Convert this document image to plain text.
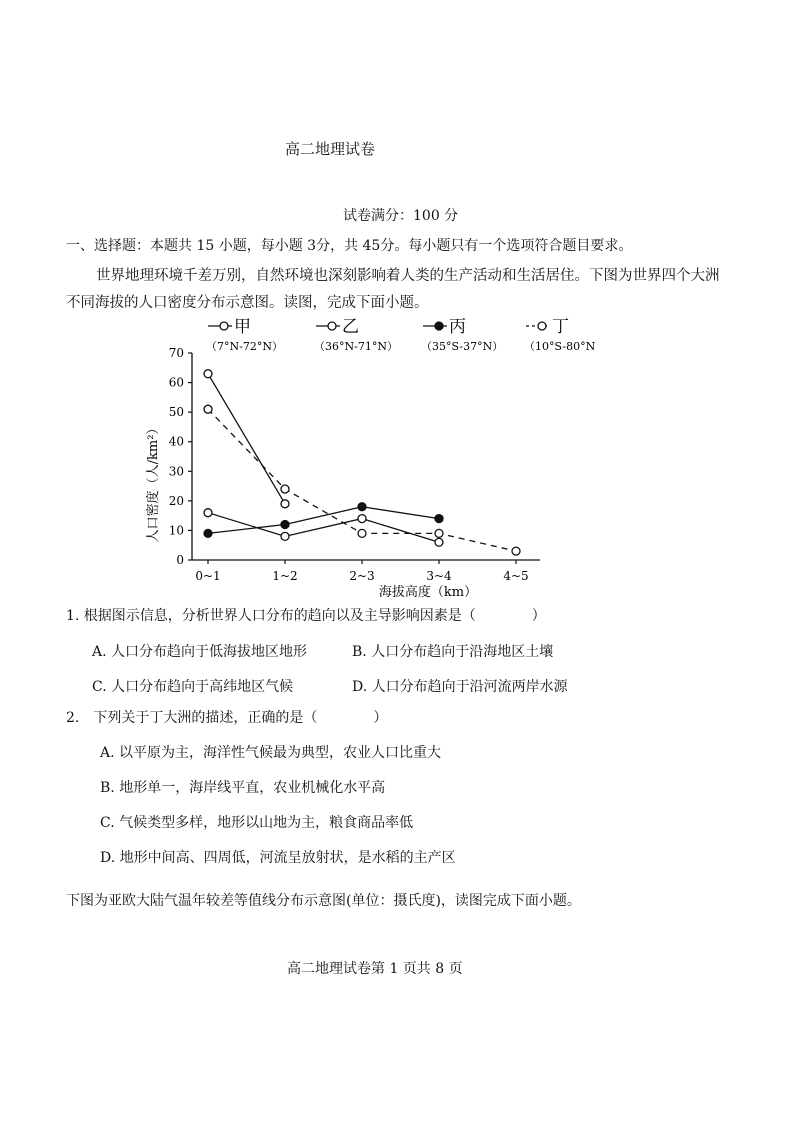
高二地理试卷
试卷满分：100 分
一、选择题：本题共 15 小题，每小题 3分，共 45分。每小题只有一个选项符合题目要求。
世界地理环境千差万别，自然环境也深刻影响着人类的生产活动和生活居住。下图为世界四个大洲不同海拔的人口密度分布示意图。读图，完成下面小题。
甲
（7°N-72°N）
乙
（36°N-71°N）
丙
（35°S-37°N）
丁
（10°S-80°N
0
10
20
30
40
50
60
70
0~1	1~2	2~3	3~4	4~5
人口密度（人/km²）
海拔高度（km）
1. 根据图示信息，分析世界人口分布的趋向以及主导影响因素是（　　　　）
A. 人口分布趋向于低海拔地区地形	B. 人口分布趋向于沿海地区土壤
C. 人口分布趋向于高纬地区气候	D. 人口分布趋向于沿河流两岸水源
2.　下列关于丁大洲的描述，正确的是（　　　　）
A. 以平原为主，海洋性气候最为典型，农业人口比重大
B. 地形单一，海岸线平直，农业机械化水平高
C. 气候类型多样，地形以山地为主，粮食商品率低
D. 地形中间高、四周低，河流呈放射状，是水稻的主产区
下图为亚欧大陆气温年较差等值线分布示意图(单位：摄氏度)，读图完成下面小题。
高二地理试卷第 1 页共 8 页
